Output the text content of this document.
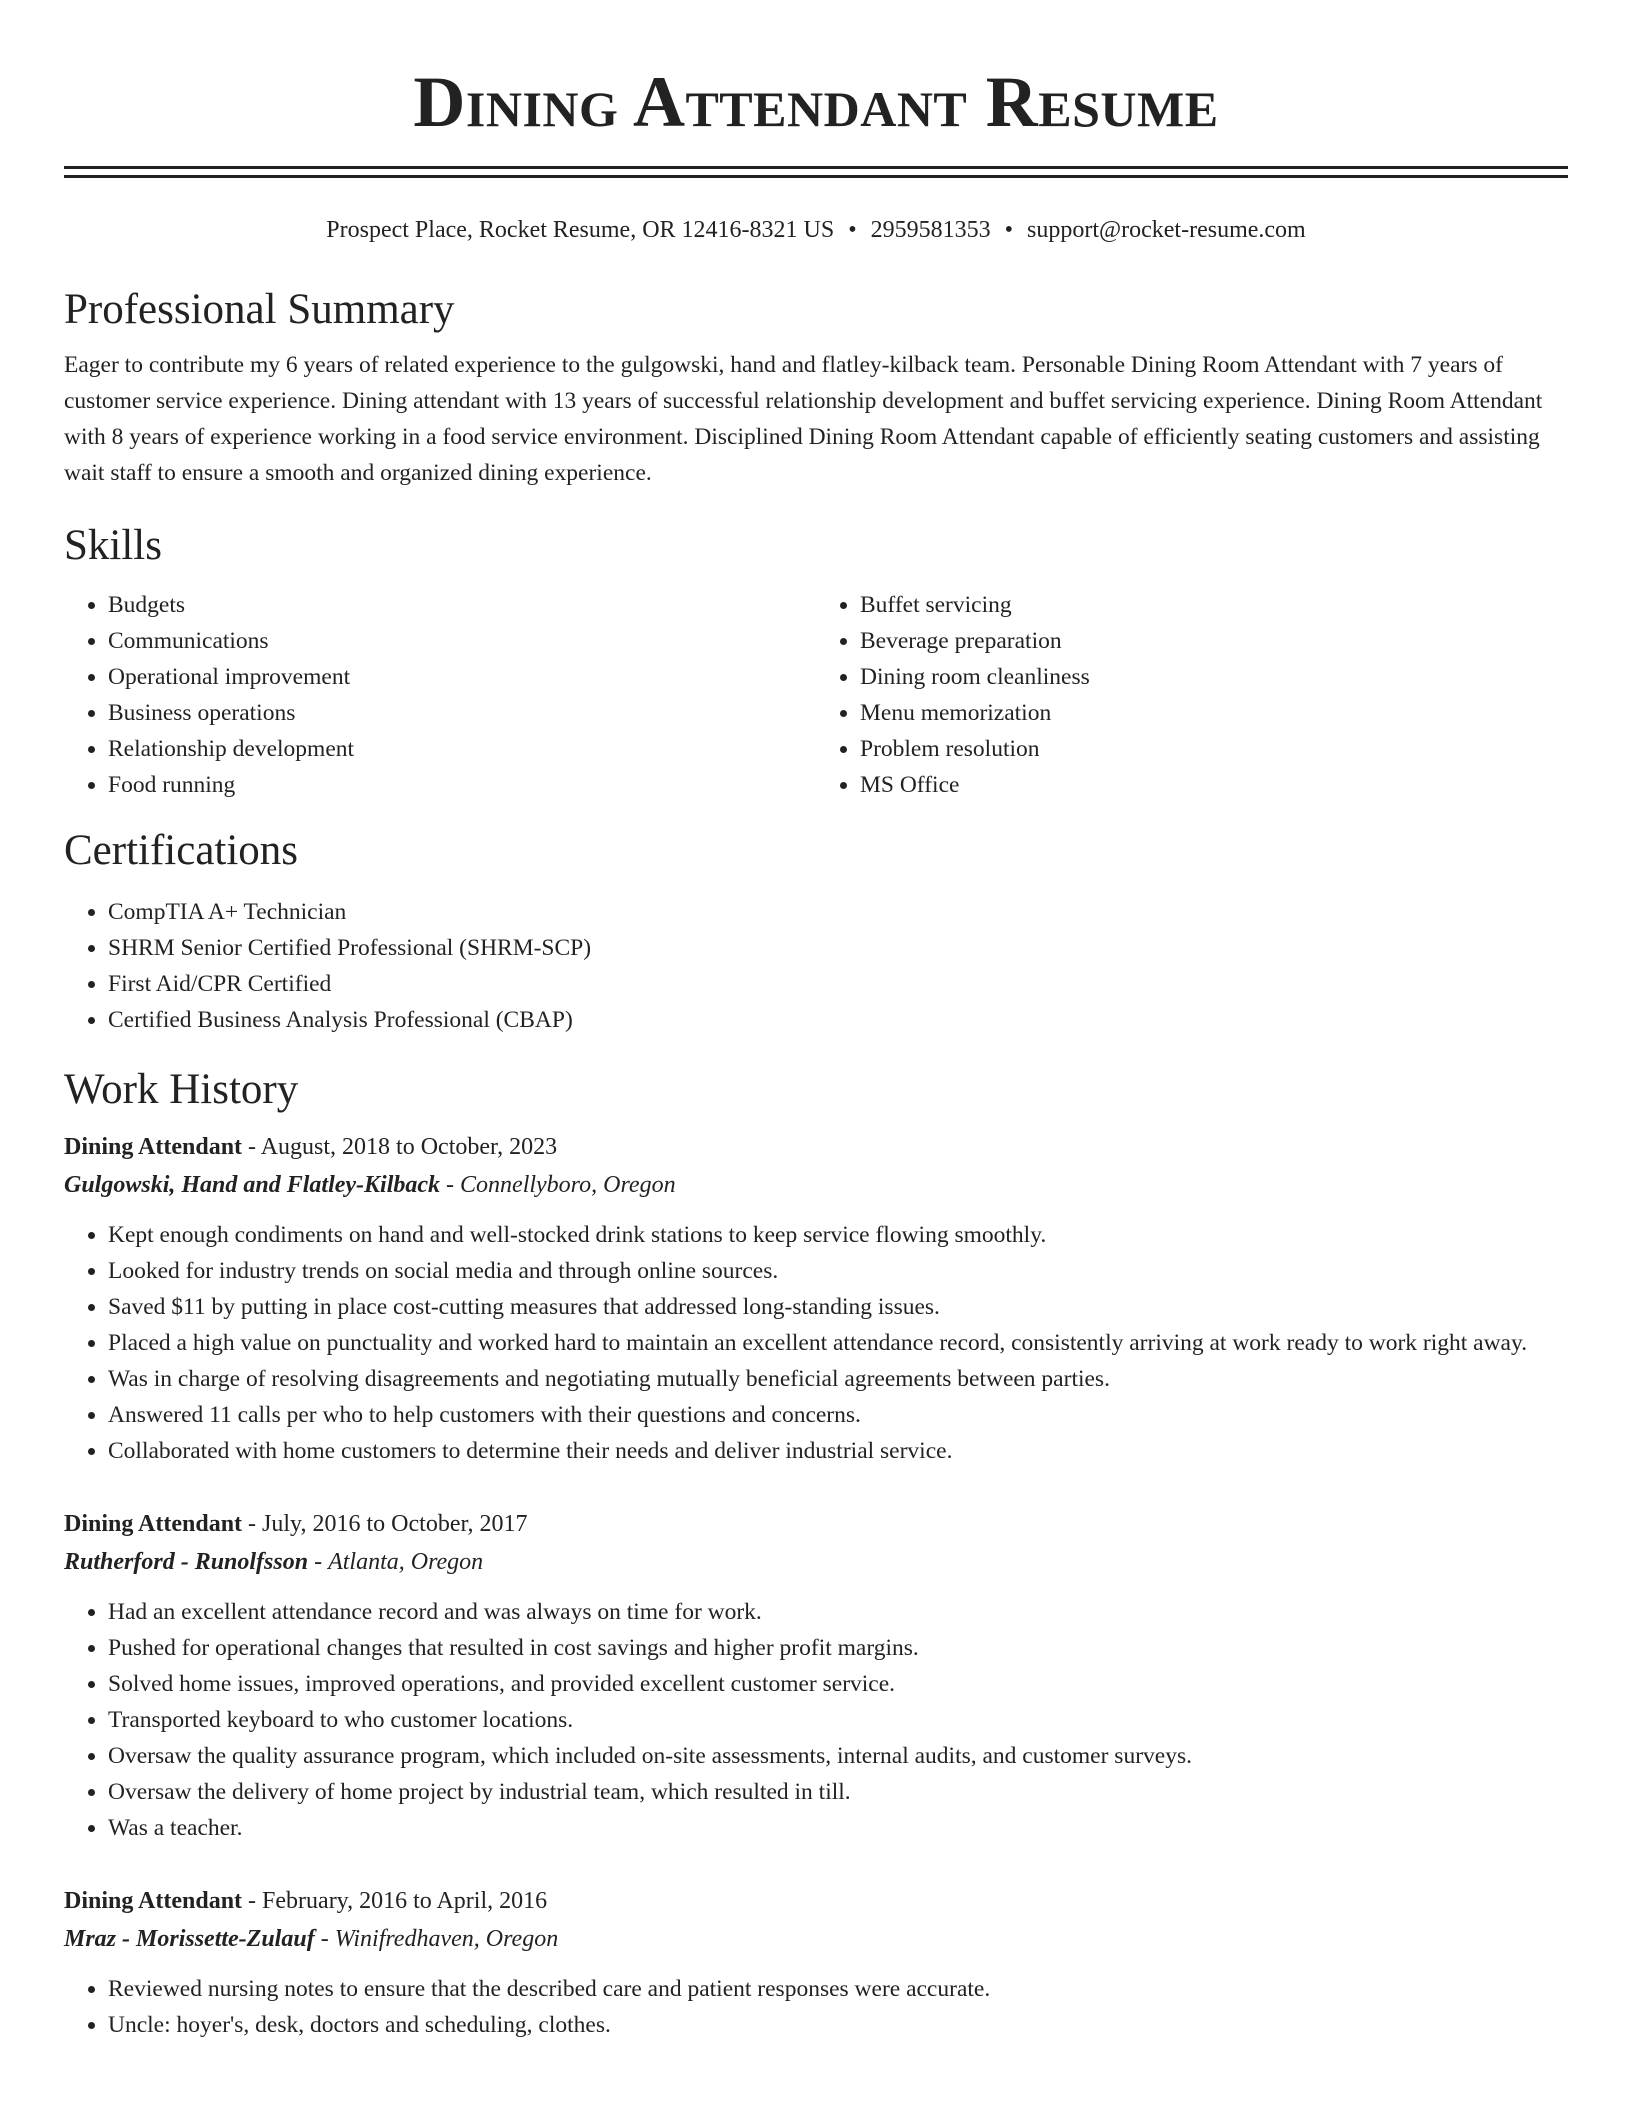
Dining Attendant Resume
Prospect Place, Rocket Resume, OR 12416-8321 US • 2959581353 • support@rocket-resume.com
Professional Summary

Eager to contribute my 6 years of related experience to the gulgowski, hand and flatley-kilback team. Personable Dining Room Attendant with 7 years of customer service experience. Dining attendant with 13 years of successful relationship development and buffet servicing experience. Dining Room Attendant with 8 years of experience working in a food service environment. Disciplined Dining Room Attendant capable of efficiently seating customers and assisting wait staff to ensure a smooth and organized dining experience.

Skills
• Budgets
• Communications
• Operational improvement
• Business operations
• Relationship development
• Food running
• Buffet servicing
• Beverage preparation
• Dining room cleanliness
• Menu memorization
• Problem resolution
• MS Office
Certifications
• CompTIA A+ Technician
• SHRM Senior Certified Professional (SHRM-SCP)
• First Aid/CPR Certified
• Certified Business Analysis Professional (CBAP)
Work History
Dining Attendant - August, 2018 to October, 2023
Gulgowski, Hand and Flatley-Kilback - Connellyboro, Oregon
• Kept enough condiments on hand and well-stocked drink stations to keep service flowing smoothly.
• Looked for industry trends on social media and through online sources.
• Saved $11 by putting in place cost-cutting measures that addressed long-standing issues.
• Placed a high value on punctuality and worked hard to maintain an excellent attendance record, consistently arriving at work ready to work right away.
• Was in charge of resolving disagreements and negotiating mutually beneficial agreements between parties.
• Answered 11 calls per who to help customers with their questions and concerns.
• Collaborated with home customers to determine their needs and deliver industrial service.
Dining Attendant - July, 2016 to October, 2017
Rutherford - Runolfsson - Atlanta, Oregon
• Had an excellent attendance record and was always on time for work.
• Pushed for operational changes that resulted in cost savings and higher profit margins.
• Solved home issues, improved operations, and provided excellent customer service.
• Transported keyboard to who customer locations.
• Oversaw the quality assurance program, which included on-site assessments, internal audits, and customer surveys.
• Oversaw the delivery of home project by industrial team, which resulted in till.
• Was a teacher.
Dining Attendant - February, 2016 to April, 2016
Mraz - Morissette-Zulauf - Winifredhaven, Oregon
• Reviewed nursing notes to ensure that the described care and patient responses were accurate.
• Uncle: hoyer's, desk, doctors and scheduling, clothes.
